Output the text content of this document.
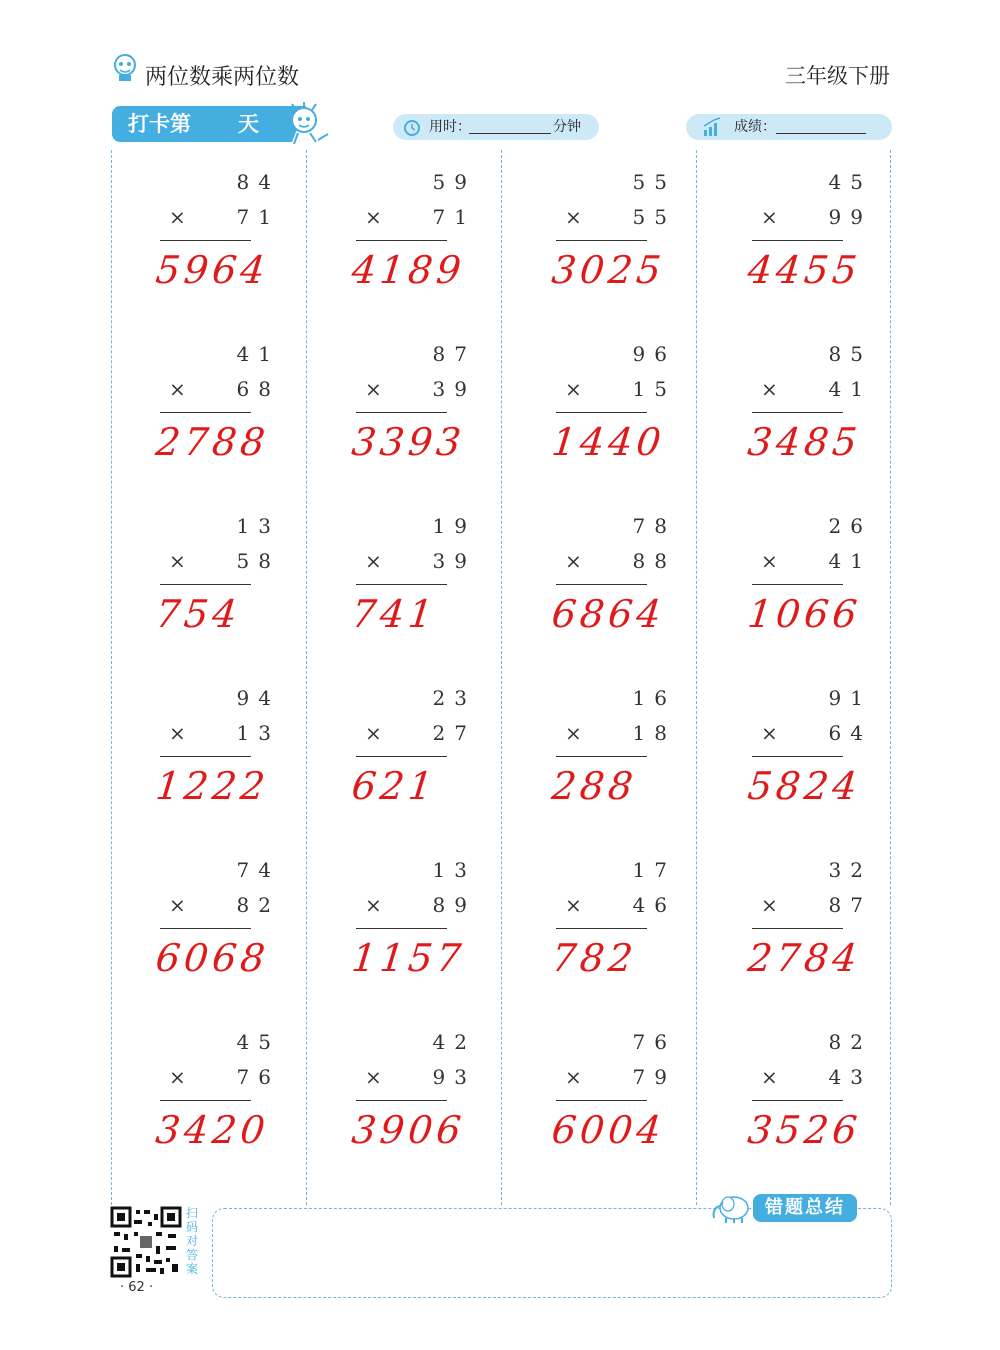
两位数乘两位数	三年级下册
打卡第 天	用时：	分钟	成绩：
84
×	71
5964
59
×	71
4189
55
×	55
3025
45
×	99
4455
41
×	68
2788
87
×	39
3393
96
×	15
1440
85
×	41
3485
13
×	58
754
19
×	39
741
78
×	88
6864
26
×	41
1066
94
×	13
1222
23
×	27
621
16
×	18
288
91
×	64
5824
74
×	82
6068
13
×	89
1157
17
×	46
782
32
×	87
2784
45
×	76
3420
42
×	93
3906
76
×	79
6004
82
×	43
3526
扫码对答案
· 62 ·
错题总结
